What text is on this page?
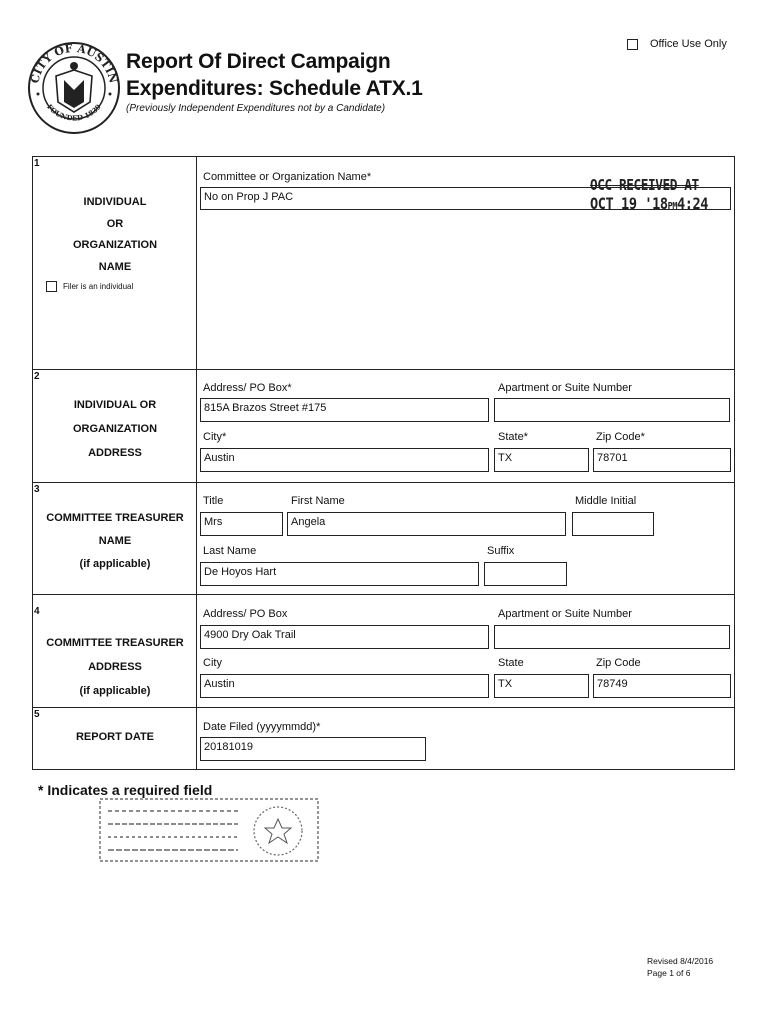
CITY OF AUSTIN
FOUNDED 1839
Report Of Direct Campaign
Expenditures: Schedule ATX.1
(Previously Independent Expenditures not by a Candidate)
Office Use Only
1
INDIVIDUAL
OR
ORGANIZATION
NAME
Filer is an individual
Committee or Organization Name*
No on Prop J PAC
OCC RECEIVED AT
OCT 19 '18PM4:24
2
INDIVIDUAL OR
ORGANIZATION
ADDRESS
Address/ PO Box*	Apartment or Suite Number
815A Brazos Street #175
City*	State*	Zip Code*
Austin	TX	78701
3
COMMITTEE TREASURER
NAME
(if applicable)
Title	First Name	Middle Initial
Mrs	Angela
Last Name	Suffix
De Hoyos Hart
4
COMMITTEE TREASURER
ADDRESS
(if applicable)
Address/ PO Box	Apartment or Suite Number
4900 Dry Oak Trail
City	State	Zip Code
Austin	TX	78749
5
REPORT DATE
Date Filed (yyyymmdd)*
20181019
* Indicates a required field
Revised 8/4/2016
Page 1 of 6
